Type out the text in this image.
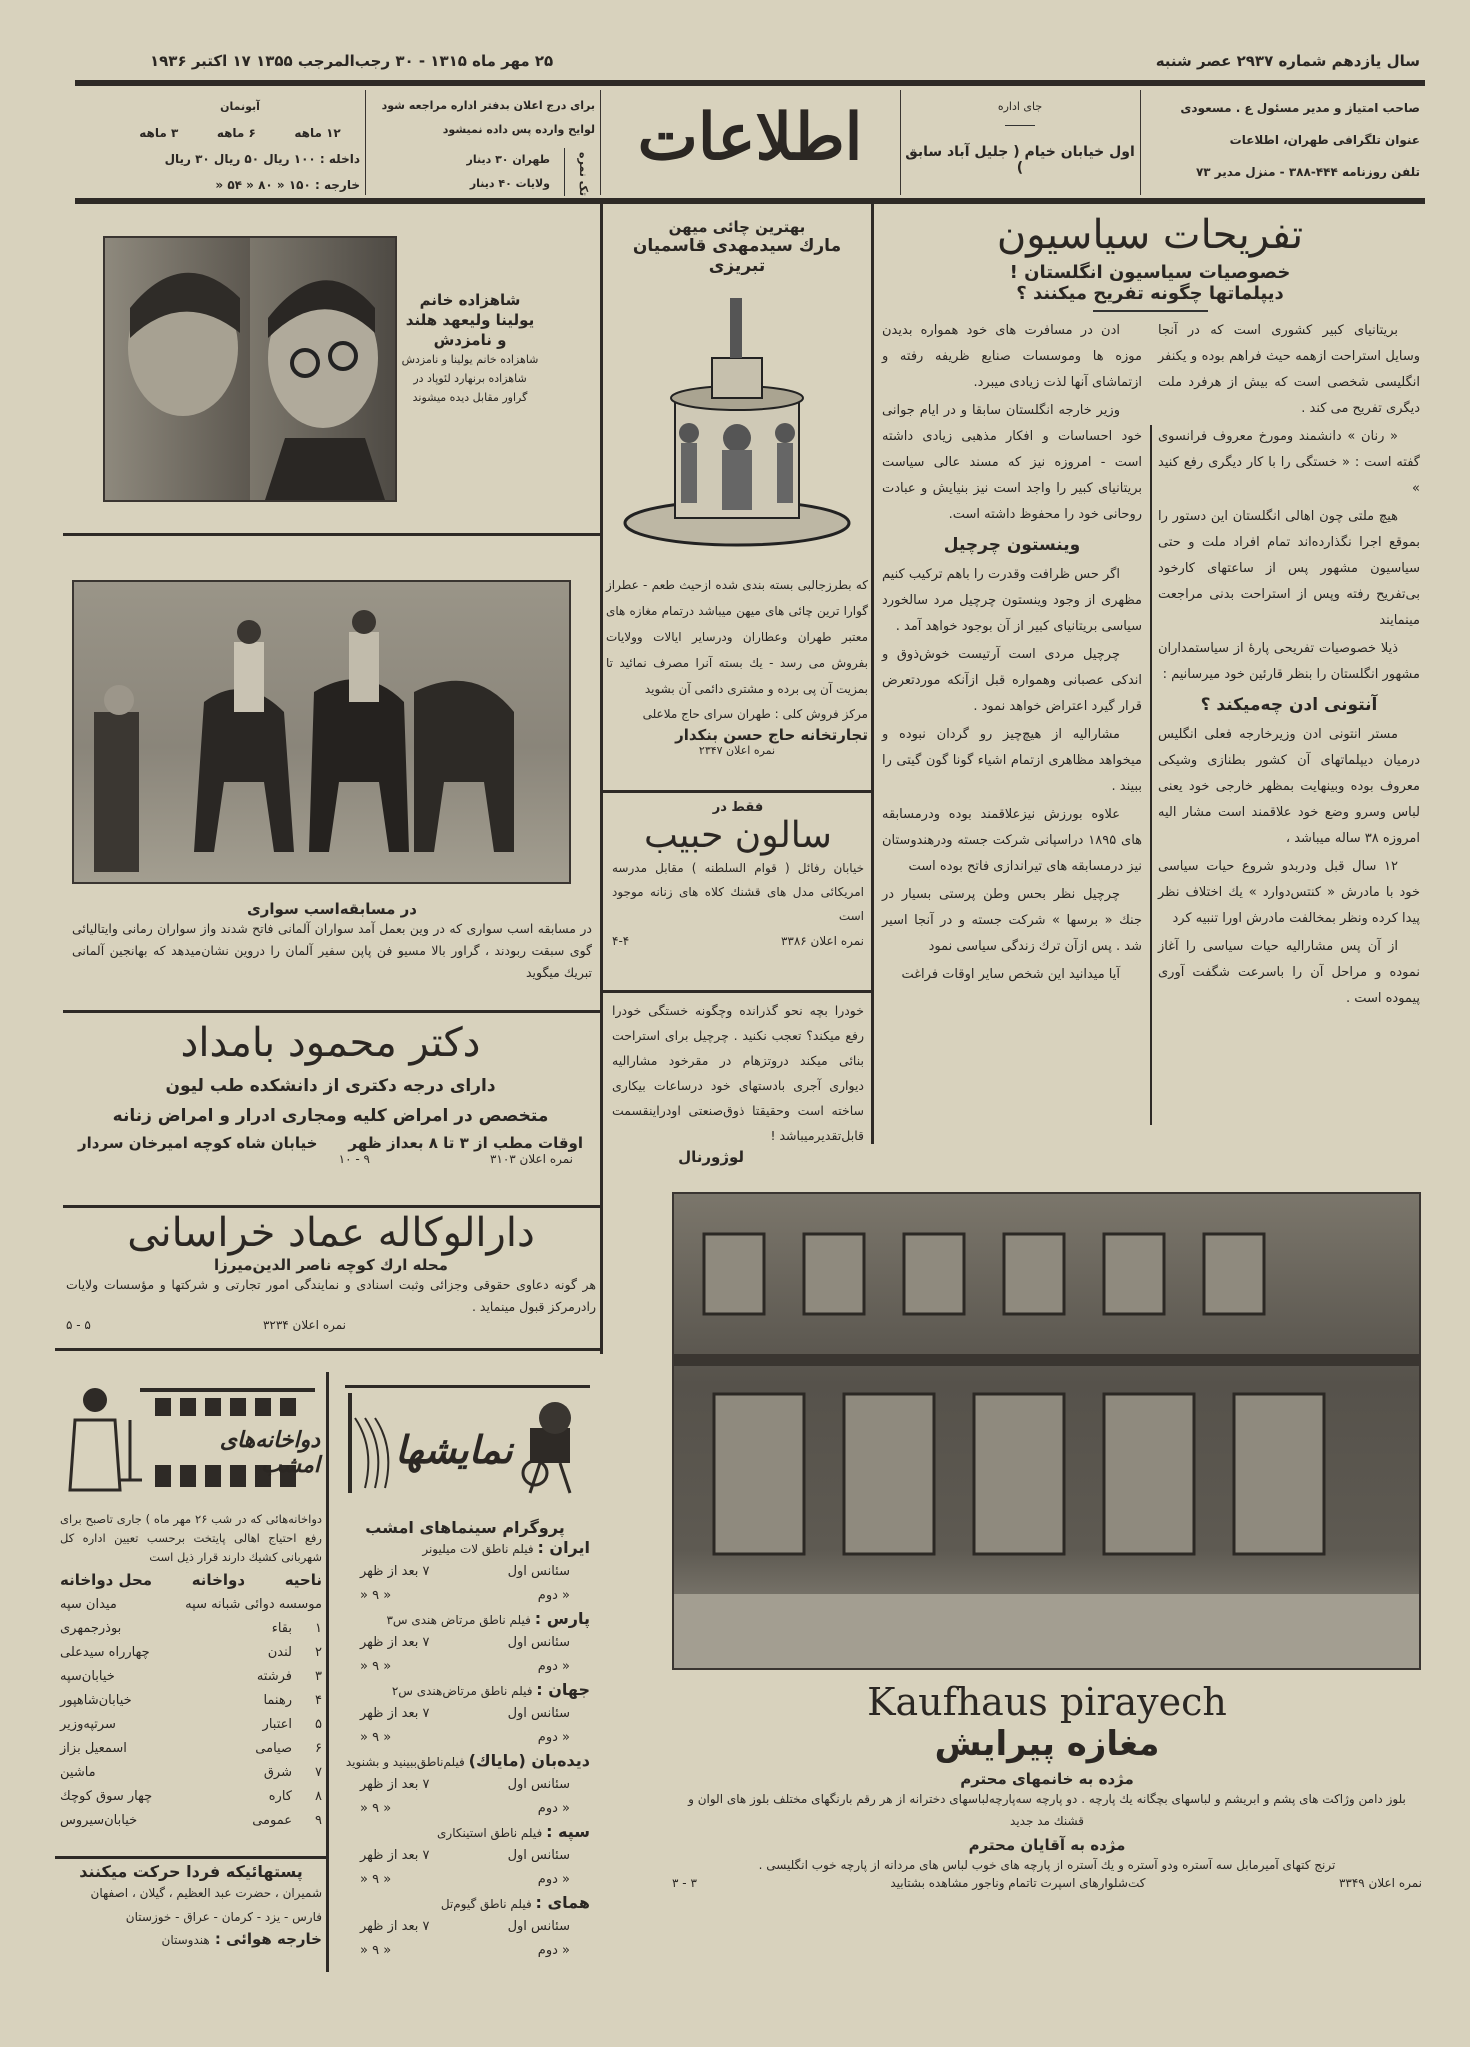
سال یازدهم شماره ۲۹۳۷ عصر شنبه
۲۵ مهر ماه ۱۳۱۵ - ۳۰ رجب‌المرجب ۱۳۵۵ ۱۷ اکتبر ۱۹۳۶
صاحب امتیاز و مدیر مسئول ع . مسعودی
عنوان تلگرافی طهران، اطلاعات
تلفن روزنامه ۴۴۴-۳۸۸ - منزل مدیر ۷۳
جای اداره
اول خیابان خیام ( جلیل آباد سابق )
اطلاعات
برای درج اعلان بدفتر اداره مراجعه شود
لوایح وارده پس داده نمیشود
تک نمره
طهران ۳۰ دینار
ولایات ۴۰ دینار
آبونمان
۱۲ ماهه
۶ ماهه
۳ ماهه
داخله : ۱۰۰ ریال ۵۰ ریال ۳۰ ریال
خارجه : ۱۵۰ « ۸۰ « ۵۴ «
تفریحات سیاسیون
خصوصیات سیاسیون انگلستان !
دیپلماتها چگونه تفریح میکنند ؟

بریتانیای کبیر کشوری است که در آنجا وسایل استراحت ازهمه حیث فراهم بوده و یکنفر انگلیسی شخصی است که بیش از هرفرد ملت دیگری تفریح می کند .

« رنان » دانشمند ومورخ معروف فرانسوی گفته است : « خستگی را با کار دیگری رفع کنید »

هیچ ملتی چون اهالی انگلستان این دستور را بموقع اجرا نگذارده‌اند تمام افراد ملت و حتی سیاسیون مشهور پس از ساعتهای کارخود بی‌تفریح رفته وپس از استراحت بدنی مراجعت مینمایند

ذیلا خصوصیات تفریحی پارهٔ از سیاستمداران مشهور انگلستان را بنظر قارئین خود میرسانیم :

آنتونی ادن چه‌میکند ؟

مستر انتونی ادن وزیرخارجه فعلی انگلیس درمیان دیپلماتهای آن کشور بطنازی وشیکی معروف بوده وبینهایت بمظهر خارجی خود یعنی لباس وسرو وضع خود علاقمند است مشار الیه امروزه ۳۸ ساله میباشد ،

۱۲ سال قبل ودربدو شروع حیات سیاسی خود با مادرش « کنتس‌دوارد » یك اختلاف نظر پیدا کرده ونظر بمخالفت مادرش اورا تنبیه کرد

از آن پس مشارالیه حیات سیاسی را آغاز نموده و مراحل آن را باسرعت شگفت آوری پیموده است .

ادن در مسافرت های خود همواره بدیدن موزه ها وموسسات صنایع ظریفه رفته و ازتماشای آنها لذت زیادی میبرد.

وزیر خارجه انگلستان سابقا و در ایام جوانی خود احساسات و افکار مذهبی زیادی داشته است - امروزه نیز که مسند عالی سیاست بریتانیای کبیر را واجد است نیز بنیایش و عبادت روحانی خود را محفوظ داشته است.

وینستون چرچیل

اگر حس ظرافت وقدرت را باهم ترکیب کنیم مظهری از وجود وینستون چرچیل مرد سالخورد سیاسی بریتانیای کبیر از آن بوجود خواهد آمد .

چرچیل مردی است آرتیست خوش‌ذوق و اندکی عصبانی وهمواره قبل ازآنکه موردتعرض قرار گیرد اعتراض خواهد نمود .

مشارالیه از هیچ‌چیز رو گردان نبوده و میخواهد مظاهری ازتمام اشیاء گونا گون گیتی را ببیند .

علاوه بورزش نیزعلاقمند بوده ودرمسابقه های ۱۸۹۵ دراسپانی شرکت جسته ودرهندوستان نیز درمسابقه های تیراندازی فاتح بوده است

چرچیل نظر بحس وطن پرستی بسیار در جنك « برسها » شرکت جسته و در آنجا اسیر شد . پس ازآن ترك زندگی سیاسی نمود

آیا میدانید این شخص سایر اوقات فراغت

بهترین چائی میهن
مارك سیدمهدی قاسمیان تبریزی
که بطرزجالبی بسته بندی شده ازحیث طعم - عطراز گوارا ترین چائی های میهن میباشد درتمام مغازه های معتبر طهران وعطاران ودرسایر ایالات وولایات بفروش می رسد - یك بسته آنرا مصرف نمائید تا بمزیت آن پی برده و مشتری دائمی آن بشوید
مرکز فروش کلی : طهران سرای حاج ملاعلی
تجارتخانه حاج حسن بنکدار
نمره اعلان ۲۳۴۷
فقط در
سالون حبیب
خیابان رفائل ( قوام السلطنه ) مقابل مدرسه امریکائی مدل های قشنك کلاه های زنانه موجود است
نمره اعلان ۳۳۸۶
۴-۴
خودرا بچه نحو گذرانده وچگونه خستگی خودرا رفع میکند؟ تعجب نکنید . چرچیل برای استراحت بنائی میکند دروتزهام در مقرخود مشارالیه دیواری آجری بادستهای خود درساعات بیکاری ساخته است وحقیقتا ذوق‌صنعتی اودراینقسمت قابل‌تقدیرمیباشد !
لوژورنال
شاهزاده خانم یولینا ولیعهد هلند و نامزدش
شاهزاده خانم یولینا و نامزدش شاهزاده برنهارد لئوپاد در گراور مقابل دیده میشوند
در مسابقه‌اسب سواری
در مسابقه اسب سواری که در وین بعمل آمد سواران آلمانی فاتح شدند واز سواران رمانی وایتالیائی گوی سبقت ربودند ، گراور بالا مسیو فن پاپن سفیر آلمان را دروین نشان‌میدهد که بهانجین آلمانی تبریك میگوید
دکتر محمود بامداد
دارای درجه دکتری از دانشکده طب لیون
متخصص در امراض کلیه ومجاری ادرار و امراض زنانه
اوقات مطب از ۳ تا ۸ بعداز ظهر
خیابان شاه کوچه امیرخان سردار
نمره اعلان ۳۱۰۳
۹ - ۱۰
دارالوکاله عماد خراسانی
محله ارك کوچه ناصر الدین‌میرزا
هر گونه دعاوی حقوقی وجزائی وثبت اسنادی و نمایندگی امور تجارتی و شرکتها و مؤسسات ولایات رادرمرکز قبول مینماید .
نمره اعلان ۳۲۳۴
۵ - ۵
نمایشها
پروگرام سینماهای امشب
ایران : فیلم ناطق لات میلیونر
سئانس اول
۷ بعد از ظهر
« دوم
« ۹ «
پارس : فیلم ناطق مرتاض هندی س۳
سئانس اول
۷ بعد از ظهر
« دوم
« ۹ «
جهان : فیلم ناطق مرتاض‌هندی س۲
سئانس اول
۷ بعد از ظهر
« دوم
« ۹ «
دیده‌بان (مایاك) فیلم‌ناطق‌ببینید و بشنوید
سئانس اول
۷ بعد از ظهر
« دوم
« ۹ «
سپه : فیلم ناطق استینکاری
سئانس اول
۷ بعد از ظهر
« دوم
« ۹ «
همای : فیلم ناطق گیوم‌تل
سئانس اول
۷ بعد از ظهر
« دوم
« ۹ «
دواخانه‌های امشب
دواخانه‌هائی که در شب ۲۶ مهر ماه ) جاری تاصبح برای رفع احتیاج اهالی پایتخت برحسب تعیین اداره کل شهربانی کشیك دارند قرار ذیل است
ناحیه
دواخانه
محل دواخانه
موسسه دوائی شبانه سپه
میدان سپه
۱
بقاء
بوذرجمهری
۲
لندن
چهارراه سیدعلی
۳
فرشته
خیابان‌سپه
۴
رهنما
خیابان‌شاهپور
۵
اعتبار
سرتپه‌وزیر
۶
صیامی
اسمعیل بزاز
۷
شرق
ماشین
۸
کاره
چهار سوق کوچك
۹
عمومی
خیابان‌سیروس
پستهائیکه فردا حرکت میکنند
شمیران ، حضرت عبد العظیم ، گیلان ، اصفهان
فارس - یزد - کرمان - عراق - خوزستان
خارجه هوائی : هندوستان
Kaufhaus pirayech
مغازه پیرایش
مژده به خانمهای محترم
بلوز دامن وژاکت های پشم و ابریشم و لباسهای بچگانه یك پارچه . دو پارچه سه‌پارچه‌لباسهای دخترانه از هر رقم بارنگهای مختلف بلوز های الوان و قشنك مد جدید
مژده به آقایان محترم
ترنج کتهای آمیرمابل سه آستره ودو آستره و یك آستره از پارچه های خوب لباس های مردانه از پارچه خوب انگلیسی .
نمره اعلان ۳۳۴۹
کت‌شلوارهای اسپرت تاتمام وناجور مشاهده بشتابید
۳ - ۳
